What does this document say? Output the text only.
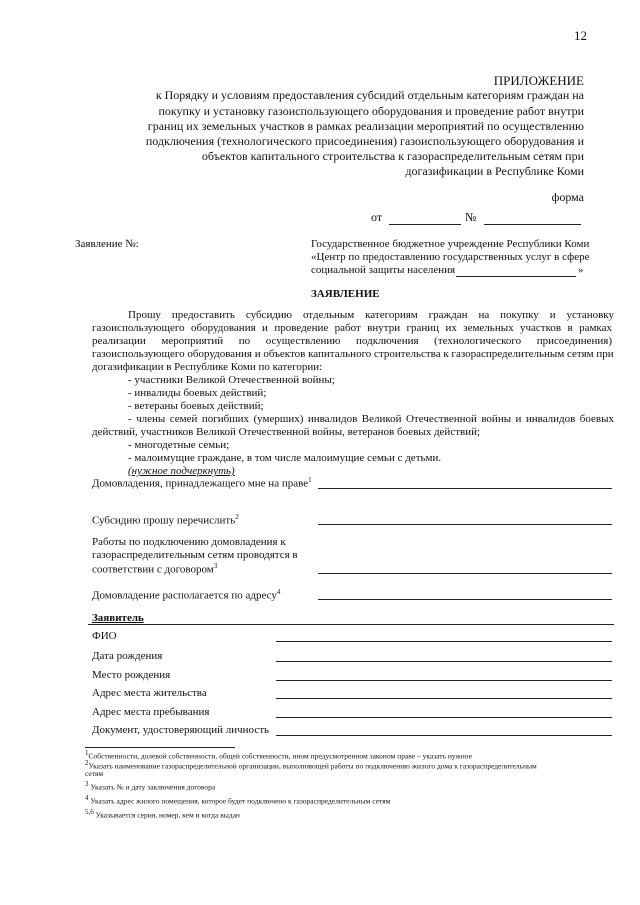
12
ПРИЛОЖЕНИЕ
к Порядку и условиям предоставления субсидий отдельным категориям граждан на
покупку и установку газоиспользующего оборудования и проведение работ внутри
границ их земельных участков в рамках реализации мероприятий по осуществлению
подключения (технологического присоединения) газоиспользующего оборудования и
объектов капитального строительства к газораспределительным сетям при
догазификации в Республике Коми
форма
от	№
Заявление №:	Государственное бюджетное учреждение Республики Коми
«Центр по предоставлению государственных услуг в сфере
социальной защиты населения	»
ЗАЯВЛЕНИЕ
Прошу предоставить субсидию отдельным категориям граждан на покупку и установку
газоиспользующего оборудования и проведение работ внутри границ их земельных участков в рамках
реализации мероприятий по осуществлению подключения (технологического присоединения)
газоиспользующего оборудования и объектов капитального строительства к газораспределительным сетям при
догазификации в Республике Коми по категории:
- участники Великой Отечественной войны;
- инвалиды боевых действий;
- ветераны боевых действий;
- члены семей погибших (умерших) инвалидов Великой Отечественной войны и инвалидов боевых
действий, участников Великой Отечественной войны, ветеранов боевых действий;
- многодетные семьи;
- малоимущие граждане, в том числе малоимущие семьи с детьми.
(нужное подчеркнуть)
Домовладения, принадлежащего мне на праве$^1$
Субсидию прошу перечислить$^2$
Работы по подключению домовладения к
газораспределительным сетям проводятся в
соответствии с договором$^3$
Домовладение располагается по адресу$^4$
Заявитель
ФИО
Дата рождения
Место рождения
Адрес места жительства
Адрес места пребывания
Документ, удостоверяющий личность
$^1$Собственности, долевой собственности, общей собственности, ином предусмотренном законом праве – указать нужное
$^2$Указать наименование газораспределительной организации, выполняющей работы по подключению жилого дома к газораспределительным
сетям
$^3$ Указать № и дату заключения договора
$^4$ Указать адрес жилого помещения, которое будет подключено к газораспределительным сетям
$^{5,6}$ Указывается серия, номер, кем и когда выдан
